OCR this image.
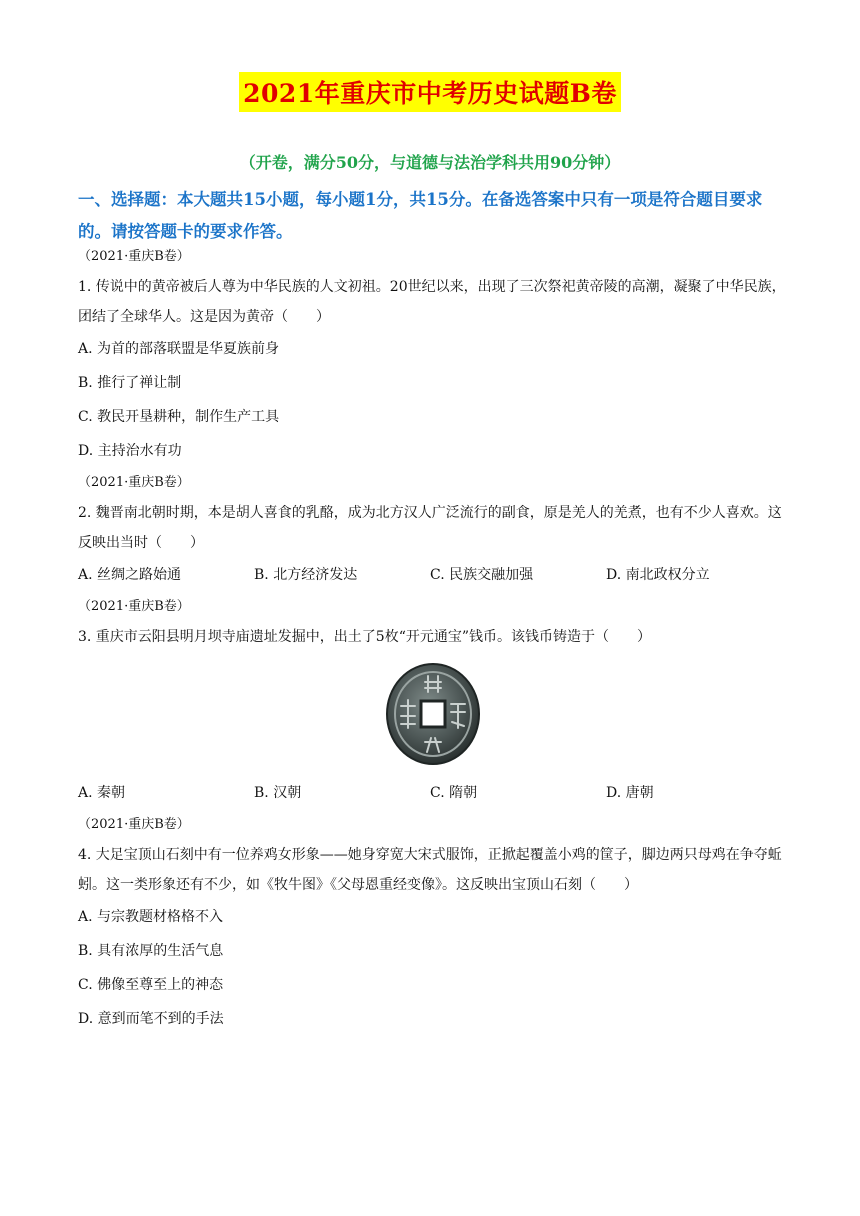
2021年重庆市中考历史试题B卷
（开卷，满分50分，与道德与法治学科共用90分钟）
一、选择题：本大题共15小题，每小题1分，共15分。在备选答案中只有一项是符合题目要求的。请按答题卡的要求作答。
（2021·重庆B卷）
1. 传说中的黄帝被后人尊为中华民族的人文初祖。20世纪以来，出现了三次祭祀黄帝陵的高潮，凝聚了中华民族，团结了全球华人。这是因为黄帝（　　）
A. 为首的部落联盟是华夏族前身
B. 推行了禅让制
C. 教民开垦耕种，制作生产工具
D. 主持治水有功
（2021·重庆B卷）
2. 魏晋南北朝时期，本是胡人喜食的乳酪，成为北方汉人广泛流行的副食，原是羌人的羌煮，也有不少人喜欢。这反映出当时（　　）
A. 丝绸之路始通	B. 北方经济发达	C. 民族交融加强	D. 南北政权分立
（2021·重庆B卷）
3. 重庆市云阳县明月坝寺庙遗址发掘中，出土了5枚“开元通宝”钱币。该钱币铸造于（　　）
A. 秦朝	B. 汉朝	C. 隋朝	D. 唐朝
（2021·重庆B卷）
4. 大足宝顶山石刻中有一位养鸡女形象——她身穿宽大宋式服饰，正掀起覆盖小鸡的筐子，脚边两只母鸡在争夺蚯蚓。这一类形象还有不少，如《牧牛图》《父母恩重经变像》。这反映出宝顶山石刻（　　）
A. 与宗教题材格格不入
B. 具有浓厚的生活气息
C. 佛像至尊至上的神态
D. 意到而笔不到的手法
